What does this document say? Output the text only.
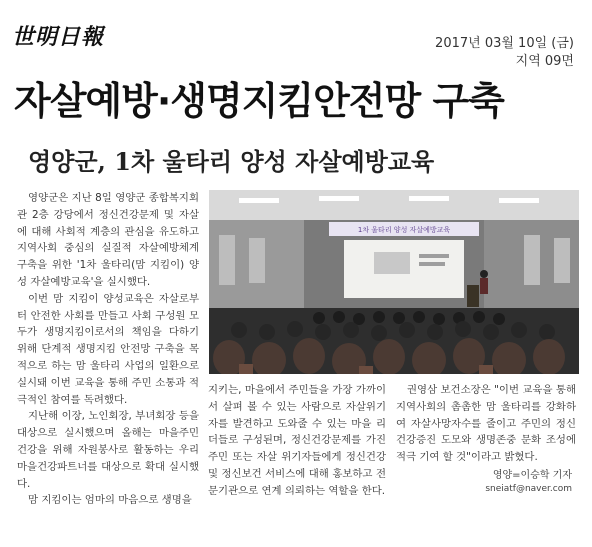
世明日報	2017년 03월 10일 (금)
지역 09면
자살예방·생명지킴안전망 구축
영양군, 1차 울타리 양성 자살예방교육

영양군은 지난 8일 영양군 종합복지회관 2층 강당에서 정신건강문제 및 자살에 대해 사회적 계층의 관심을 유도하고 지역사회 중심의 실질적 자살예방체계 구축을 위한 '1차 울타리(맘 지킴이) 양성 자살예방교육'을 실시했다.

이번 맘 지킴이 양성교육은 자살로부터 안전한 사회를 만들고 사회 구성원 모두가 생명지킴이로서의 책임을 다하기 위해 단계적 생명지킴 안전망 구축을 목적으로 하는 맘 울타리 사업의 일환으로 실시돼 이번 교육을 통해 주민 소통과 적극적인 참여를 독려했다.

지난해 이장, 노인회장, 부녀회장 등을 대상으로 실시했으며 올해는 마을주민 건강을 위해 자원봉사로 활동하는 우리 마을건강파트너를 대상으로 확대 실시했다.

맘 지킴이는 엄마의 마음으로 생명을

1차 울타리 양성 자살예방교육

지키는, 마을에서 주민들을 가장 가까이서 살펴 볼 수 있는 사람으로 자살위기자를 발견하고 도와줄 수 있는 마을 리더들로 구성된며, 정신건강문제를 가진 주민 또는 자살 위기자들에게 정신건강 및 정신보건 서비스에 대해 홍보하고 전문기관으로 연계 의뢰하는 역할을 한다.

권영삼 보건소장은 "이번 교육을 통해 지역사회의 촘촘한 맘 울타리를 강화하여 자살사망자수를 줄이고 주민의 정신건강증진 도모와 생명존중 문화 조성에 적극 기여 할 것"이라고 밝혔다.

영양=이승학 기자
sneiatf@naver.com
